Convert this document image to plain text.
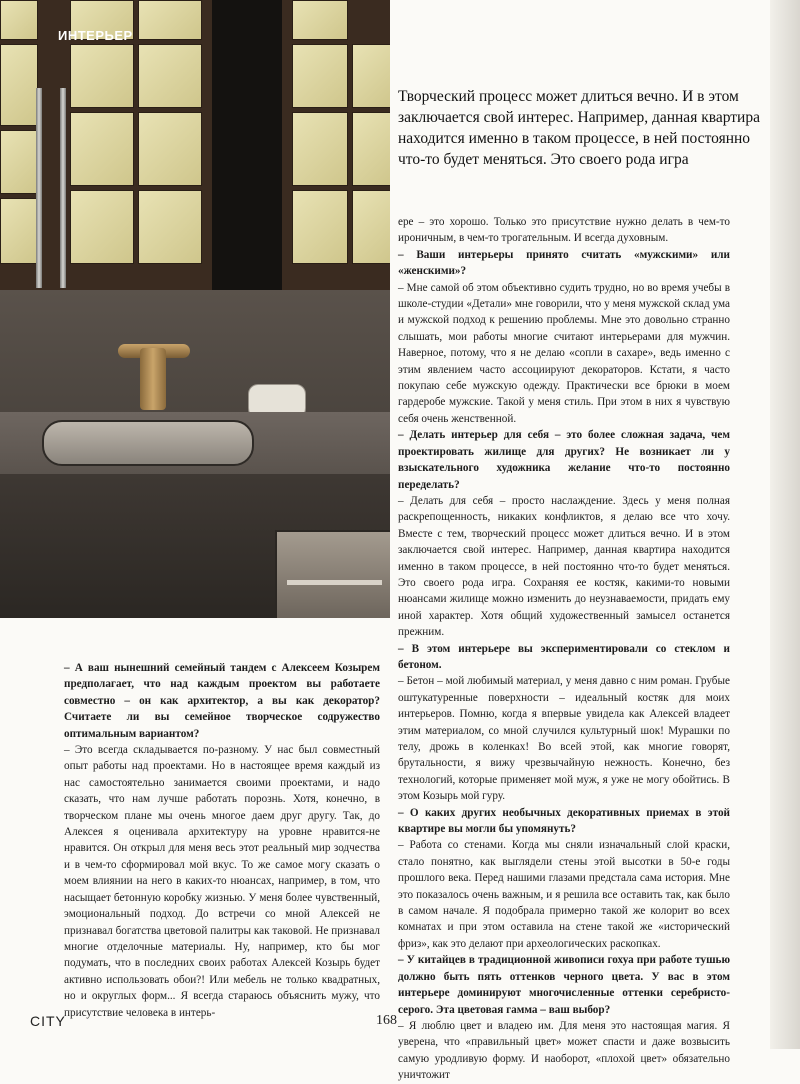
ИНТЕРЬЕР
Творческий процесс может длиться вечно. И в этом заключается свой интерес. Например, данная квартира находится именно в таком процессе, в ней постоянно что-то будет меняться. Это своего рода игра

ере – это хорошо. Только это присутствие нужно делать в чем-то ироничным, в чем-то трогательным. И всегда духовным.

– Ваши интерьеры принято считать «мужскими» или «женскими»?

– Мне самой об этом объективно судить трудно, но во время учебы в школе-студии «Детали» мне говорили, что у меня мужской склад ума и мужской подход к решению проблемы. Мне это довольно странно слышать, мои работы многие считают интерьерами для мужчин. Наверное, потому, что я не делаю «сопли в сахаре», ведь именно с этим явлением часто ассоциируют декораторов. Кстати, я часто покупаю себе мужскую одежду. Практически все брюки в моем гардеробе мужские. Такой у меня стиль. При этом в них я чувствую себя очень женственной.

– Делать интерьер для себя – это более сложная задача, чем проектировать жилище для других? Не возникает ли у взыскательного художника желание что-то постоянно переделать?

– Делать для себя – просто наслаждение. Здесь у меня полная раскрепощенность, никаких конфликтов, я делаю все что хочу. Вместе с тем, творческий процесс может длиться вечно. И в этом заключается свой интерес. Например, данная квартира находится именно в таком процессе, в ней постоянно что-то будет меняться. Это своего рода игра. Сохраняя ее костяк, какими-то новыми нюансами жилище можно изменить до неузнаваемости, придать ему иной характер. Хотя общий художественный замысел останется прежним.

– В этом интерьере вы экспериментировали со стеклом и бетоном.

– Бетон – мой любимый материал, у меня давно с ним роман. Грубые оштукатуренные поверхности – идеальный костяк для моих интерьеров. Помню, когда я впервые увидела как Алексей владеет этим материалом, со мной случился культурный шок! Мурашки по телу, дрожь в коленках! Во всей этой, как многие говорят, брутальности, я вижу чрезвычайную нежность. Конечно, без технологий, которые применяет мой муж, я уже не могу обойтись. В этом Козырь мой гуру.

– О каких других необычных декоративных приемах в этой квартире вы могли бы упомянуть?

– Работа со стенами. Когда мы сняли изначальный слой краски, стало понятно, как выглядели стены этой высотки в 50-е годы прошлого века. Перед нашими глазами предстала сама история. Мне это показалось очень важным, и я решила все оставить так, как было в самом начале. Я подобрала примерно такой же колорит во всех комнатах и при этом оставила на стене такой же «исторический фриз», как это делают при археологических раскопках.

– У китайцев в традиционной живописи гохуа при работе тушью должно быть пять оттенков черного цвета. У вас в этом интерьере доминируют многочисленные оттенки серебристо-серого. Эта цветовая гамма – ваш выбор?

– Я люблю цвет и владею им. Для меня это настоящая магия. Я уверена, что «правильный цвет» может спасти и даже возвысить самую уродливую форму. И наоборот, «плохой цвет» обязательно уничтожит

– А ваш нынешний семейный тандем с Алексеем Козырем предполагает, что над каждым проектом вы работаете совместно – он как архитектор, а вы как декоратор? Считаете ли вы семейное творческое содружество оптимальным вариантом?

– Это всегда складывается по-разному. У нас был совместный опыт работы над проектами. Но в настоящее время каждый из нас самостоятельно занимается своими проектами, и надо сказать, что нам лучше работать порознь. Хотя, конечно, в творческом плане мы очень многое даем друг другу. Так, до Алексея я оценивала архитектуру на уровне нравится-не нравится. Он открыл для меня весь этот реальный мир зодчества и в чем-то сформировал мой вкус. То же самое могу сказать о моем влиянии на него в каких-то нюансах, например, в том, что насыщает бетонную коробку жизнью. У меня более чувственный, эмоциональный подход. До встречи со мной Алексей не признавал богатства цветовой палитры как таковой. Не признавал многие отделочные материалы. Ну, например, кто бы мог подумать, что в последних своих работах Алексей Козырь будет активно использовать обои?! Или мебель не только квадратных, но и округлых форм... Я всегда стараюсь объяснить мужу, что присутствие человека в интерь-

CITY	168
